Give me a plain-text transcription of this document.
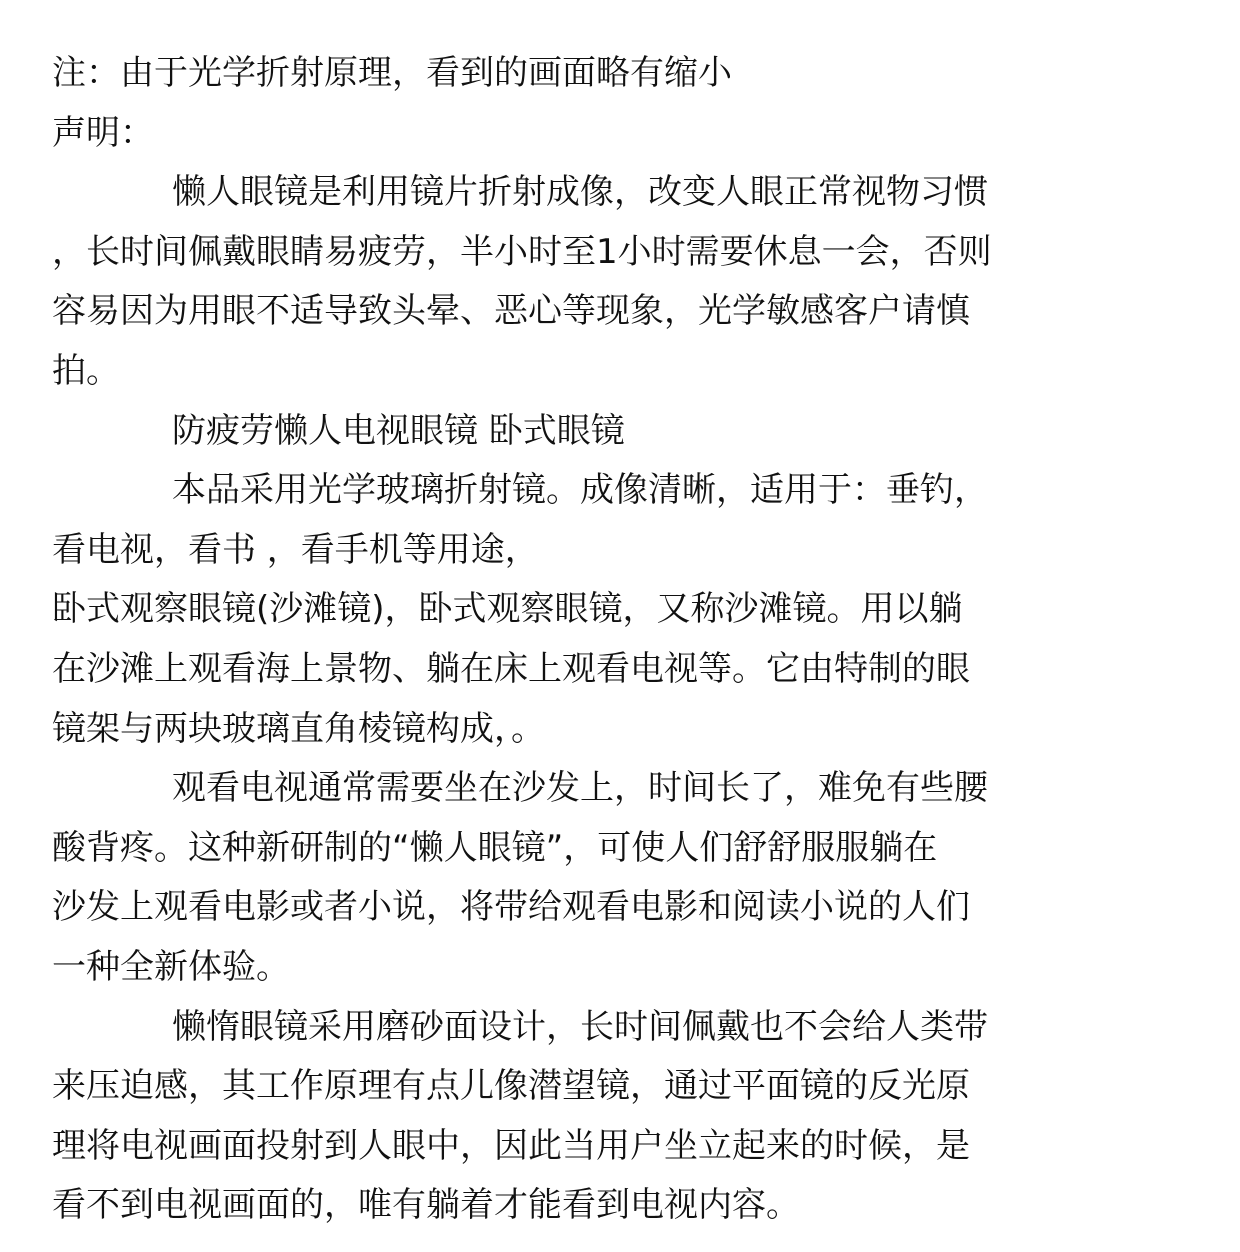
注：由于光学折射原理，看到的画面略有缩小
声明：
懒人眼镜是利用镜片折射成像，改变人眼正常视物习惯
，长时间佩戴眼睛易疲劳，半小时至1小时需要休息一会，否则
容易因为用眼不适导致头晕、恶心等现象，光学敏感客户请慎
拍。
防疲劳懒人电视眼镜 卧式眼镜
本品采用光学玻璃折射镜。成像清晰，适用于：垂钓，
看电视，看书 ，看手机等用途，
卧式观察眼镜(沙滩镜)，卧式观察眼镜，又称沙滩镜。用以躺
在沙滩上观看海上景物、躺在床上观看电视等。它由特制的眼
镜架与两块玻璃直角棱镜构成，。
观看电视通常需要坐在沙发上，时间长了，难免有些腰
酸背疼。这种新研制的“懒人眼镜”，可使人们舒舒服服躺在
沙发上观看电影或者小说，将带给观看电影和阅读小说的人们
一种全新体验。
懒惰眼镜采用磨砂面设计，长时间佩戴也不会给人类带
来压迫感，其工作原理有点儿像潜望镜，通过平面镜的反光原
理将电视画面投射到人眼中，因此当用户坐立起来的时候，是
看不到电视画面的，唯有躺着才能看到电视内容。
